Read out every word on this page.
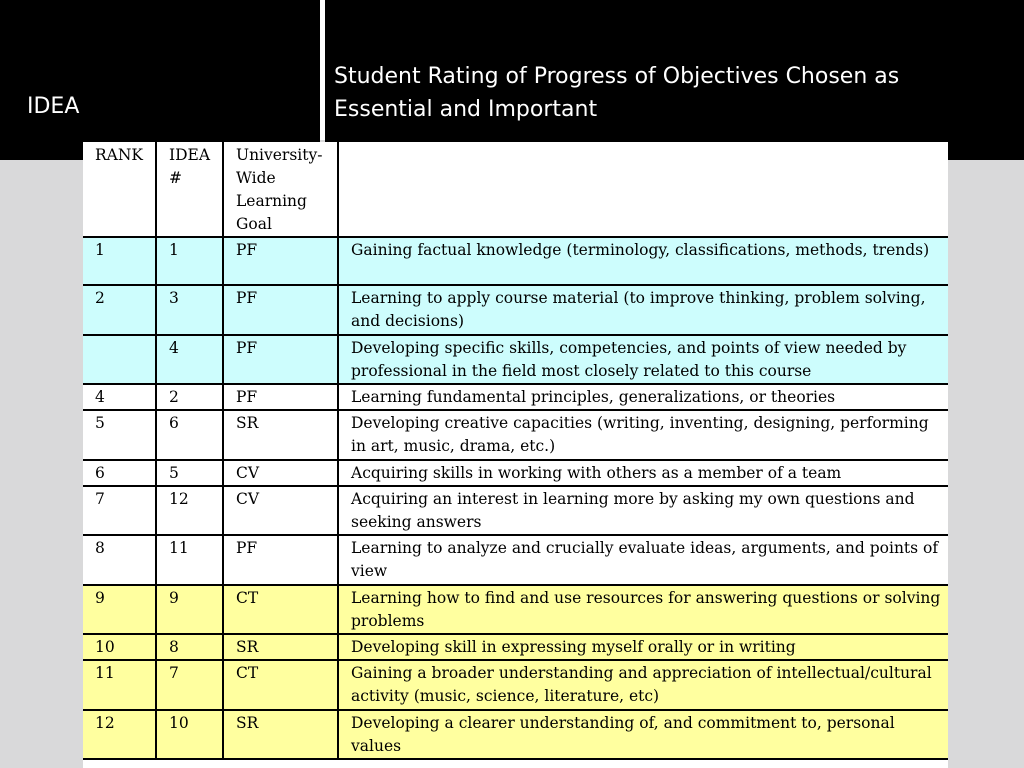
IDEA
Student Rating of Progress of Objectives Chosen as Essential and Important
RANK	IDEA #	University-Wide Learning Goal	
1	1	PF	Gaining factual knowledge (terminology, classifications, methods, trends)
2	3	PF	Learning to apply course material (to improve thinking, problem solving, and decisions)
	4	PF	Developing specific skills, competencies, and points of view needed by professional in the field most closely related to this course
4	2	PF	Learning fundamental principles, generalizations, or theories
5	6	SR	Developing creative capacities (writing, inventing, designing, performing in art, music, drama, etc.)
6	5	CV	Acquiring skills in working with others as a member of a team
7	12	CV	Acquiring an interest in learning more by asking my own questions and seeking answers
8	11	PF	Learning to analyze and crucially evaluate ideas, arguments, and points of view
9	9	CT	Learning how to find and use resources for answering questions or solving problems
10	8	SR	Developing skill in expressing myself orally or in writing
11	7	CT	Gaining a broader understanding and appreciation of intellectual/cultural activity (music, science, literature, etc)
12	10	SR	Developing a clearer understanding of, and commitment to, personal values
